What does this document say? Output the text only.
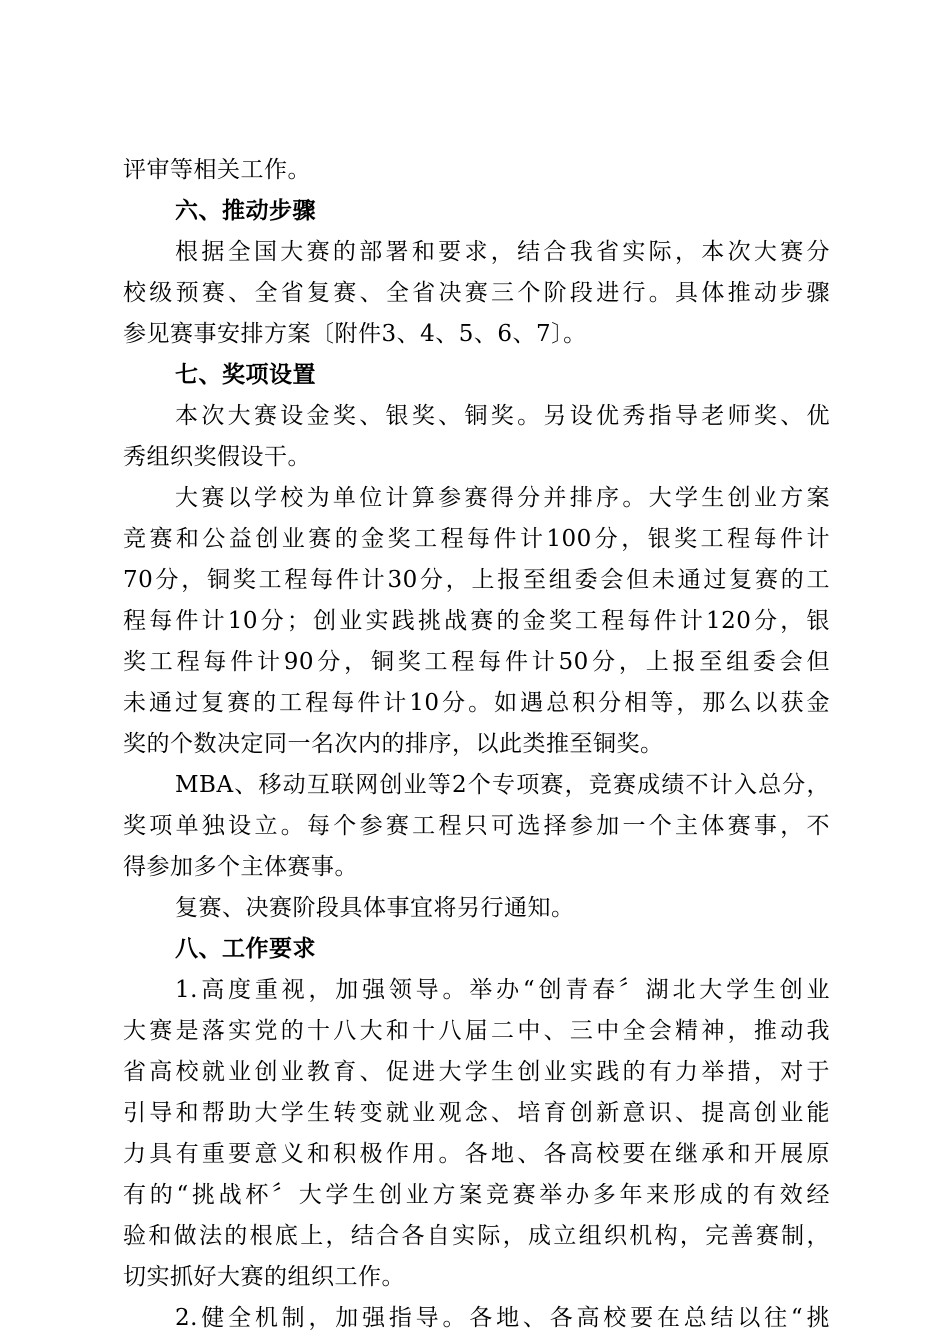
评审等相关工作。
六、推动步骤
根据全国大赛的部署和要求，结合我省实际，本次大赛分
校级预赛、全省复赛、全省决赛三个阶段进行。具体推动步骤
参见赛事安排方案〔附件3、4、5、6、7〕。
七、奖项设置
本次大赛设金奖、银奖、铜奖。另设优秀指导老师奖、优
秀组织奖假设干。
大赛以学校为单位计算参赛得分并排序。大学生创业方案
竞赛和公益创业赛的金奖工程每件计100分，银奖工程每件计
70分，铜奖工程每件计30分，上报至组委会但未通过复赛的工
程每件计10分；创业实践挑战赛的金奖工程每件计120分，银
奖工程每件计90分，铜奖工程每件计50分，上报至组委会但
未通过复赛的工程每件计10分。如遇总积分相等，那么以获金
奖的个数决定同一名次内的排序，以此类推至铜奖。
MBA、移动互联网创业等2个专项赛，竞赛成绩不计入总分，
奖项单独设立。每个参赛工程只可选择参加一个主体赛事，不
得参加多个主体赛事。
复赛、决赛阶段具体事宜将另行通知。
八、工作要求
1.高度重视，加强领导。举办“创青春〞湖北大学生创业
大赛是落实党的十八大和十八届二中、三中全会精神，推动我
省高校就业创业教育、促进大学生创业实践的有力举措，对于
引导和帮助大学生转变就业观念、培育创新意识、提高创业能
力具有重要意义和积极作用。各地、各高校要在继承和开展原
有的“挑战杯〞大学生创业方案竞赛举办多年来形成的有效经
验和做法的根底上，结合各自实际，成立组织机构，完善赛制，
切实抓好大赛的组织工作。
2.健全机制，加强指导。各地、各高校要在总结以往“挑
